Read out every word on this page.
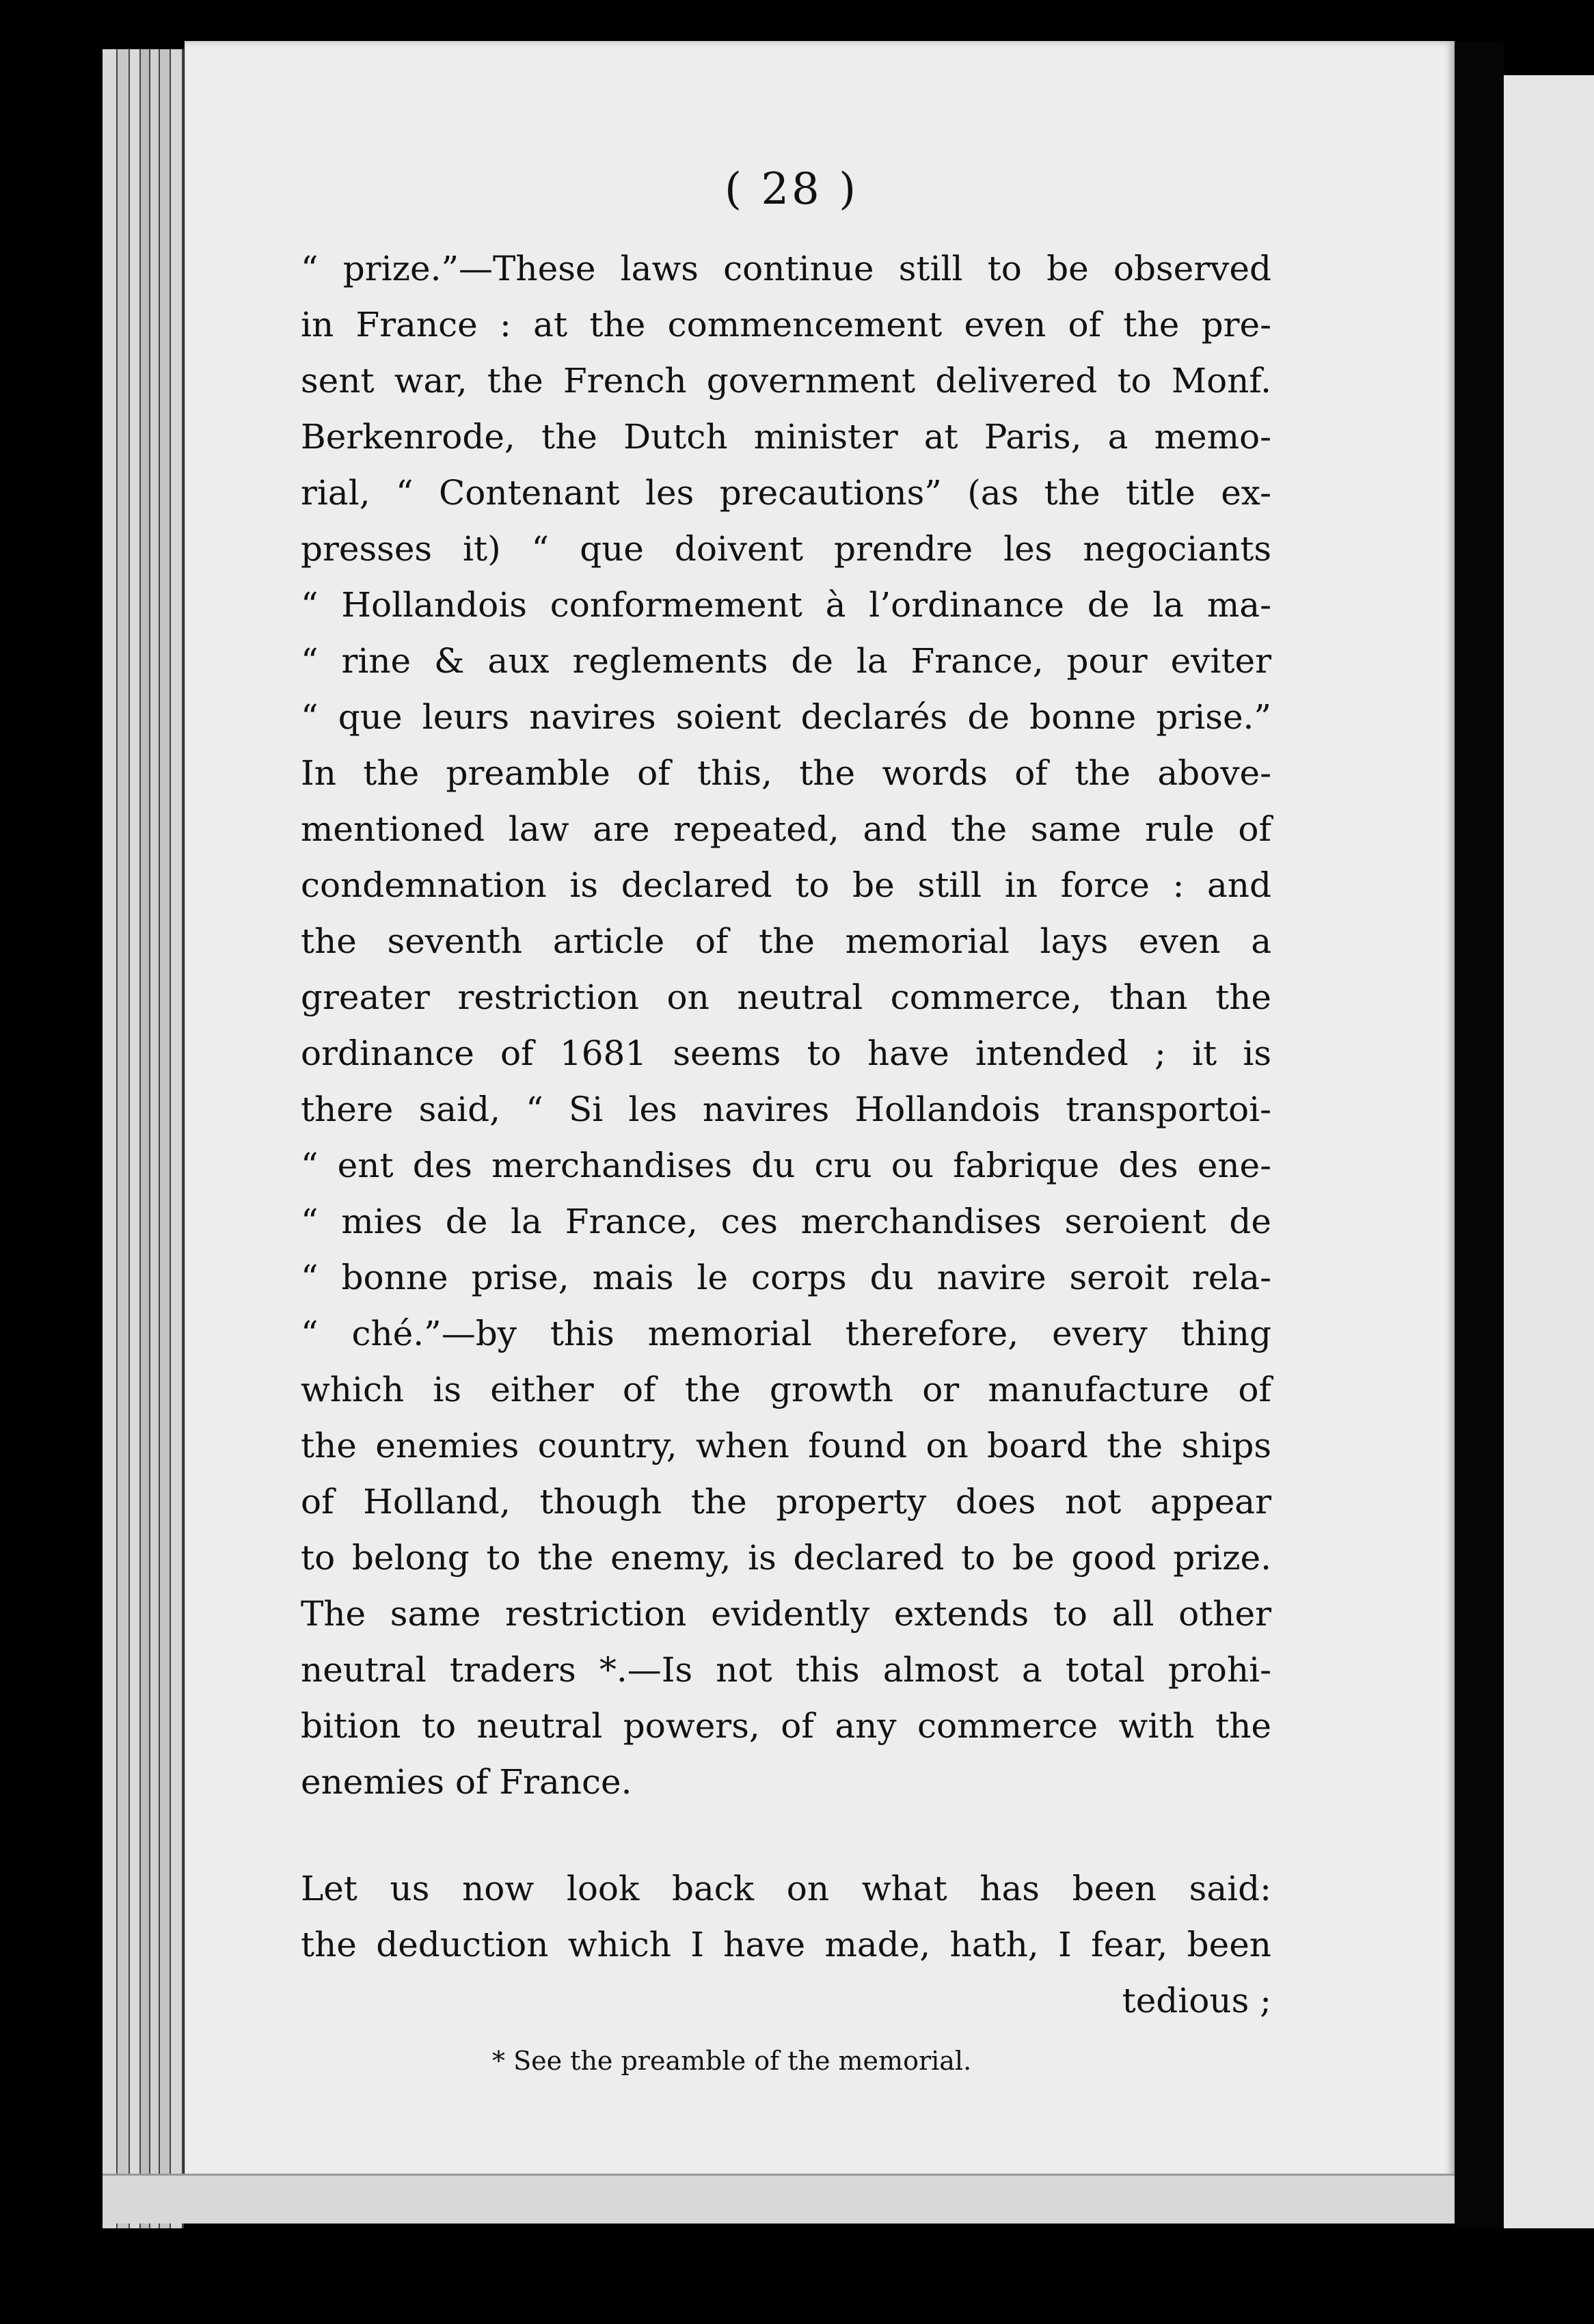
( 28 )
“ prize.”—These laws continue still to be observed
in France : at the commencement even of the pre-
sent war, the French government delivered to Monf.
Berkenrode, the Dutch minister at Paris, a memo-
rial, “ Contenant les precautions” (as the title ex-
presses it) “ que doivent prendre les negociants
“ Hollandois conformement à l’ordinance de la ma-
“ rine & aux reglements de la France, pour eviter
“ que leurs navires soient declarés de bonne prise.”
In the preamble of this, the words of the above-
mentioned law are repeated, and the same rule of
condemnation is declared to be still in force : and
the seventh article of the memorial lays even a
greater restriction on neutral commerce, than the
ordinance of 1681 seems to have intended ; it is
there said, “ Si les navires Hollandois transportoi-
“ ent des merchandises du cru ou fabrique des ene-
“ mies de la France, ces merchandises seroient de
“ bonne prise, mais le corps du navire seroit rela-
“ ché.”—by this memorial therefore, every thing
which is either of the growth or manufacture of
the enemies country, when found on board the ships
of Holland, though the property does not appear
to belong to the enemy, is declared to be good prize.
The same restriction evidently extends to all other
neutral traders *.—Is not this almost a total prohi-
bition to neutral powers, of any commerce with the
enemies of France.
Let us now look back on what has been said:
the deduction which I have made, hath, I fear, been
tedious ;
* See the preamble of the memorial.
